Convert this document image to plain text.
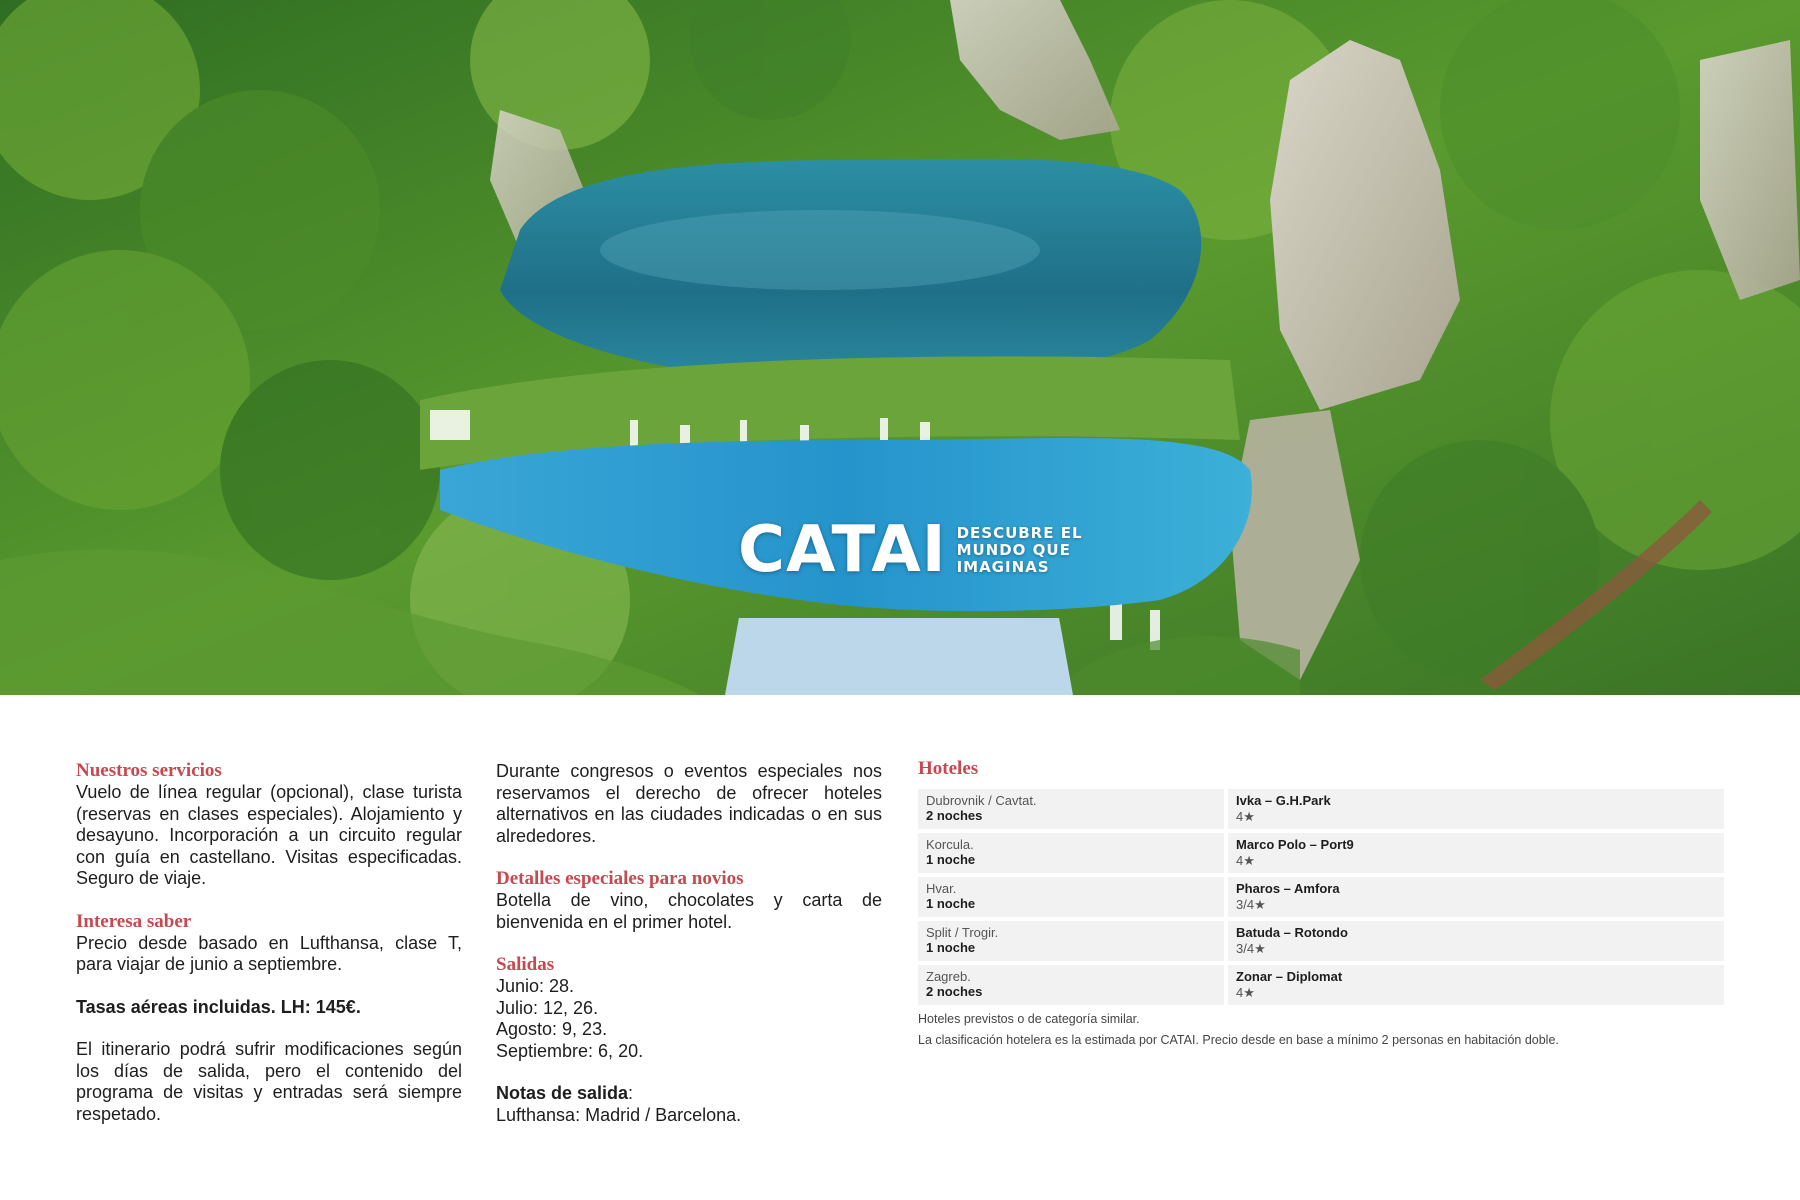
CATAI DESCUBRE EL
MUNDO QUE
IMAGINAS

Nuestros servicios

Vuelo de línea regular (opcional), clase turista (reservas en clases especiales). Alojamiento y desayuno. Incorporación a un circuito regular con guía en castellano. Visitas especificadas. Seguro de viaje.

Interesa saber

Precio desde basado en Lufthansa, clase T, para viajar de junio a septiembre.

Tasas aéreas incluidas. LH: 145€.

El itinerario podrá sufrir modificaciones según los días de salida, pero el contenido del programa de visitas y entradas será siempre respetado.

Durante congresos o eventos especiales nos reservamos el derecho de ofrecer hoteles alternativos en las ciudades indicadas o en sus alrededores.

Detalles especiales para novios

Botella de vino, chocolates y carta de bienvenida en el primer hotel.

Salidas

Junio: 28.

Julio: 12, 26.

Agosto: 9, 23.

Septiembre: 6, 20.

Notas de salida:

Lufthansa: Madrid / Barcelona.

Hoteles

Dubrovnik / Cavtat.
2 noches
Ivka – G.H.Park
4★
Korcula.
1 noche
Marco Polo – Port9
4★
Hvar.
1 noche
Pharos – Amfora
3/4★
Split / Trogir.
1 noche
Batuda – Rotondo
3/4★
Zagreb.
2 noches
Zonar – Diplomat
4★

Hoteles previstos o de categoría similar.

La clasificación hotelera es la estimada por CATAI. Precio desde en base a mínimo 2 personas en habitación doble.
